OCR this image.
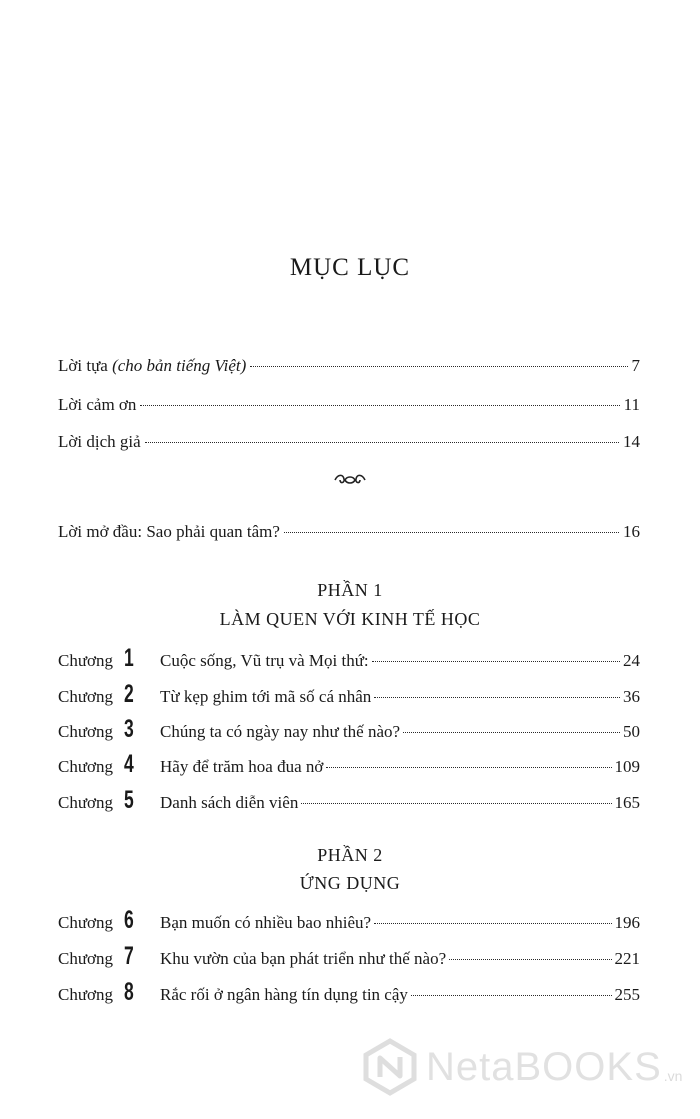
MỤC LỤC
Lời tựa (cho bản tiếng Việt)	7
Lời cảm ơn	11
Lời dịch giả	14
Lời mở đầu: Sao phải quan tâm?	16
PHẦN 1
LÀM QUEN VỚI KINH TẾ HỌC
Chương 1	Cuộc sống, Vũ trụ và Mọi thứ:	24
Chương 2	Từ kẹp ghim tới mã số cá nhân	36
Chương 3	Chúng ta có ngày nay như thế nào?	50
Chương 4	Hãy để trăm hoa đua nở	109
Chương 5	Danh sách diễn viên	165
PHẦN 2
ỨNG DỤNG
Chương 6	Bạn muốn có nhiều bao nhiêu?	196
Chương 7	Khu vườn của bạn phát triển như thế nào?	221
Chương 8	Rắc rối ở ngân hàng tín dụng tin cậy	255
NetaBOOKS .vn
